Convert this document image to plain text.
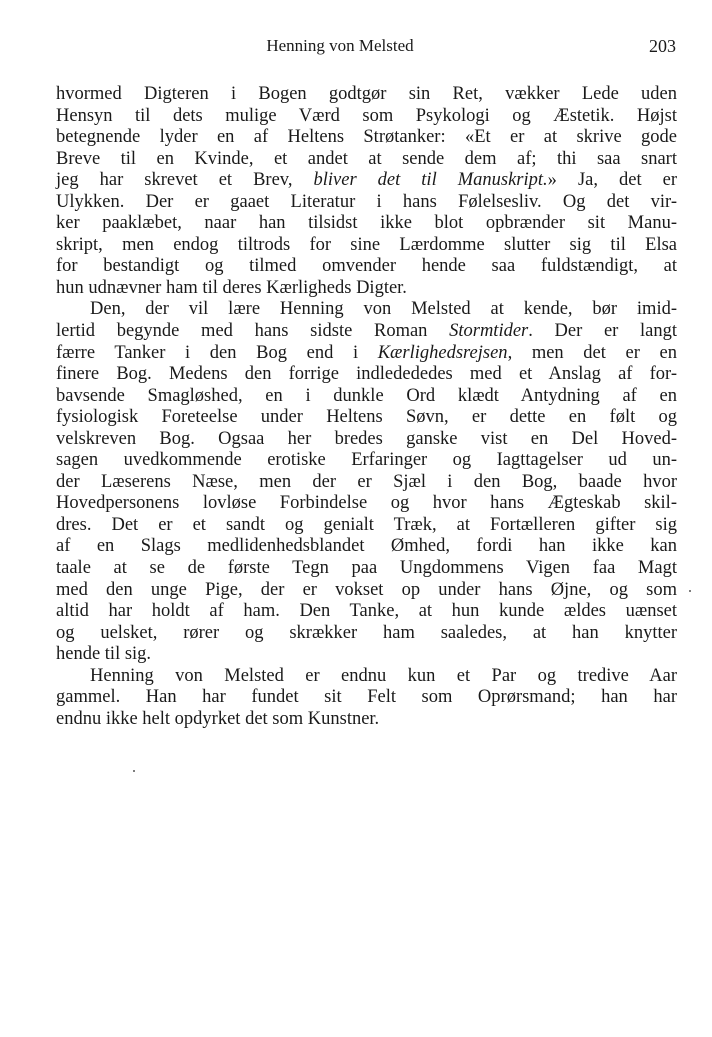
Henning von Melsted	203
hvormed Digteren i Bogen godtgør sin Ret, vækker Lede uden
Hensyn til dets mulige Værd som Psykologi og Æstetik. Højst
betegnende lyder en af Heltens Strøtanker: «Et er at skrive gode
Breve til en Kvinde, et andet at sende dem af; thi saa snart
jeg har skrevet et Brev, bliver det til Manuskript.» Ja, det er
Ulykken. Der er gaaet Literatur i hans Følelsesliv. Og det vir-
ker paaklæbet, naar han tilsidst ikke blot opbrænder sit Manu-
skript, men endog tiltrods for sine Lærdomme slutter sig til Elsa
for bestandigt og tilmed omvender hende saa fuldstændigt, at
hun udnævner ham til deres Kærligheds Digter.
Den, der vil lære Henning von Melsted at kende, bør imid-
lertid begynde med hans sidste Roman Stormtider. Der er langt
færre Tanker i den Bog end i Kærlighedsrejsen, men det er en
finere Bog. Medens den forrige indledededes med et Anslag af for-
bavsende Smagløshed, en i dunkle Ord klædt Antydning af en
fysiologisk Foreteelse under Heltens Søvn, er dette en følt og
velskreven Bog. Ogsaa her bredes ganske vist en Del Hoved-
sagen uvedkommende erotiske Erfaringer og Iagttagelser ud un-
der Læserens Næse, men der er Sjæl i den Bog, baade hvor
Hovedpersonens lovløse Forbindelse og hvor hans Ægteskab skil-
dres. Det er et sandt og genialt Træk, at Fortælleren gifter sig
af en Slags medlidenhedsblandet Ømhed, fordi han ikke kan
taale at se de første Tegn paa Ungdommens Vigen faa Magt
med den unge Pige, der er vokset op under hans Øjne, og som
altid har holdt af ham. Den Tanke, at hun kunde ældes uænset
og uelsket, rører og skrækker ham saaledes, at han knytter
hende til sig.
Henning von Melsted er endnu kun et Par og tredive Aar
gammel. Han har fundet sit Felt som Oprørsmand; han har
endnu ikke helt opdyrket det som Kunstner.
